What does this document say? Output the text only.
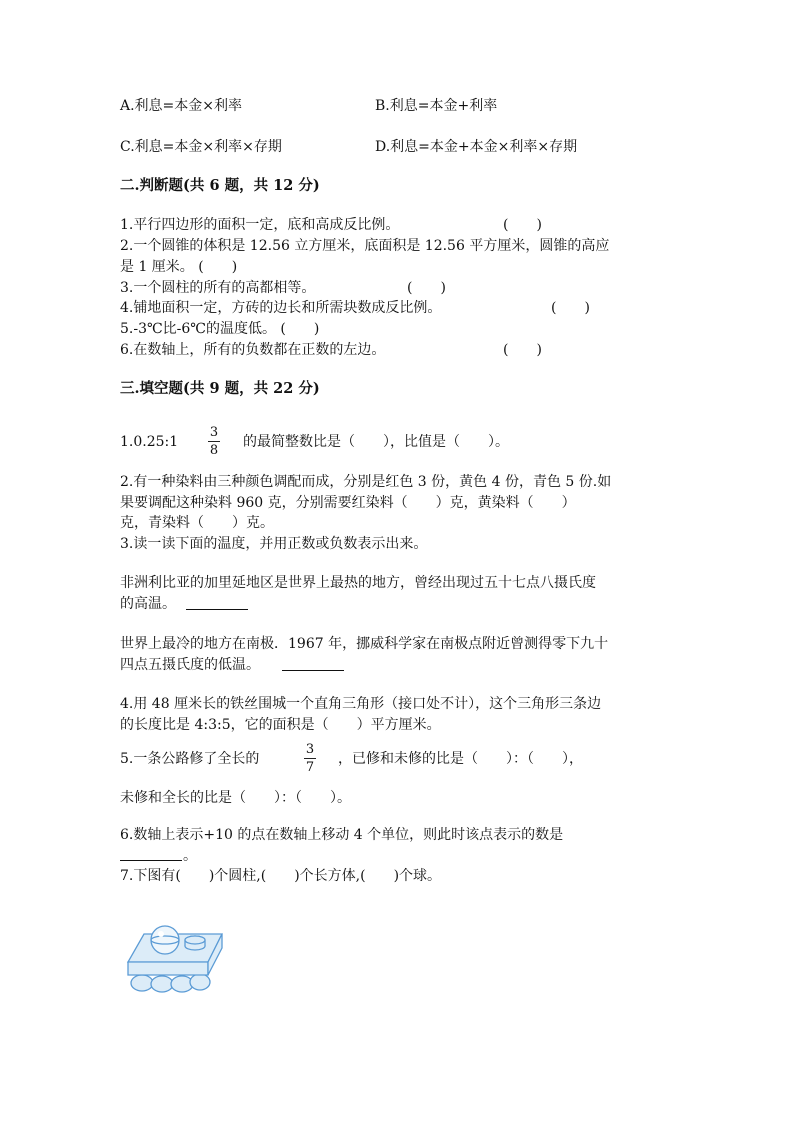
A.利息=本金×利率	B.利息=本金+利率
C.利息=本金×利率×存期	D.利息=本金+本金×利率×存期
二.判断题(共 6 题，共 12 分)
1.平行四边形的面积一定，底和高成反比例。	(　　)
2.一个圆锥的体积是 12.56 立方厘米，底面积是 12.56 平方厘米，圆锥的高应
是 1 厘米。 (　　)
3.一个圆柱的所有的高都相等。	(　　)
4.铺地面积一定，方砖的边长和所需块数成反比例。	(　　)
5.-3℃比-6℃的温度低。 (　　)
6.在数轴上，所有的负数都在正数的左边。	(　　)
三.填空题(共 9 题，共 22 分)
1.0.25:1
3
8
的最简整数比是（　　），比值是（　　）。
2.有一种染料由三种颜色调配而成，分别是红色 3 份，黄色 4 份，青色 5 份.如
果要调配这种染料 960 克，分别需要红染料（　　）克，黄染料（　　）
克，青染料（　　）克。
3.读一读下面的温度，并用正数或负数表示出来。
非洲利比亚的加里延地区是世界上最热的地方，曾经出现过五十七点八摄氏度
的高温。
世界上最冷的地方在南极．1967 年，挪威科学家在南极点附近曾测得零下九十
四点五摄氏度的低温。
4.用 48 厘米长的铁丝围城一个直角三角形（接口处不计），这个三角形三条边
的长度比是 4:3:5，它的面积是（　　）平方厘米。
5.一条公路修了全长的
3
7
，已修和未修的比是（　　）：（　　），
未修和全长的比是（　　）：（　　）。
6.数轴上表示+10 的点在数轴上移动 4 个单位，则此时该点表示的数是
。
7.下图有(　　)个圆柱,(　　)个长方体,(　　)个球。
